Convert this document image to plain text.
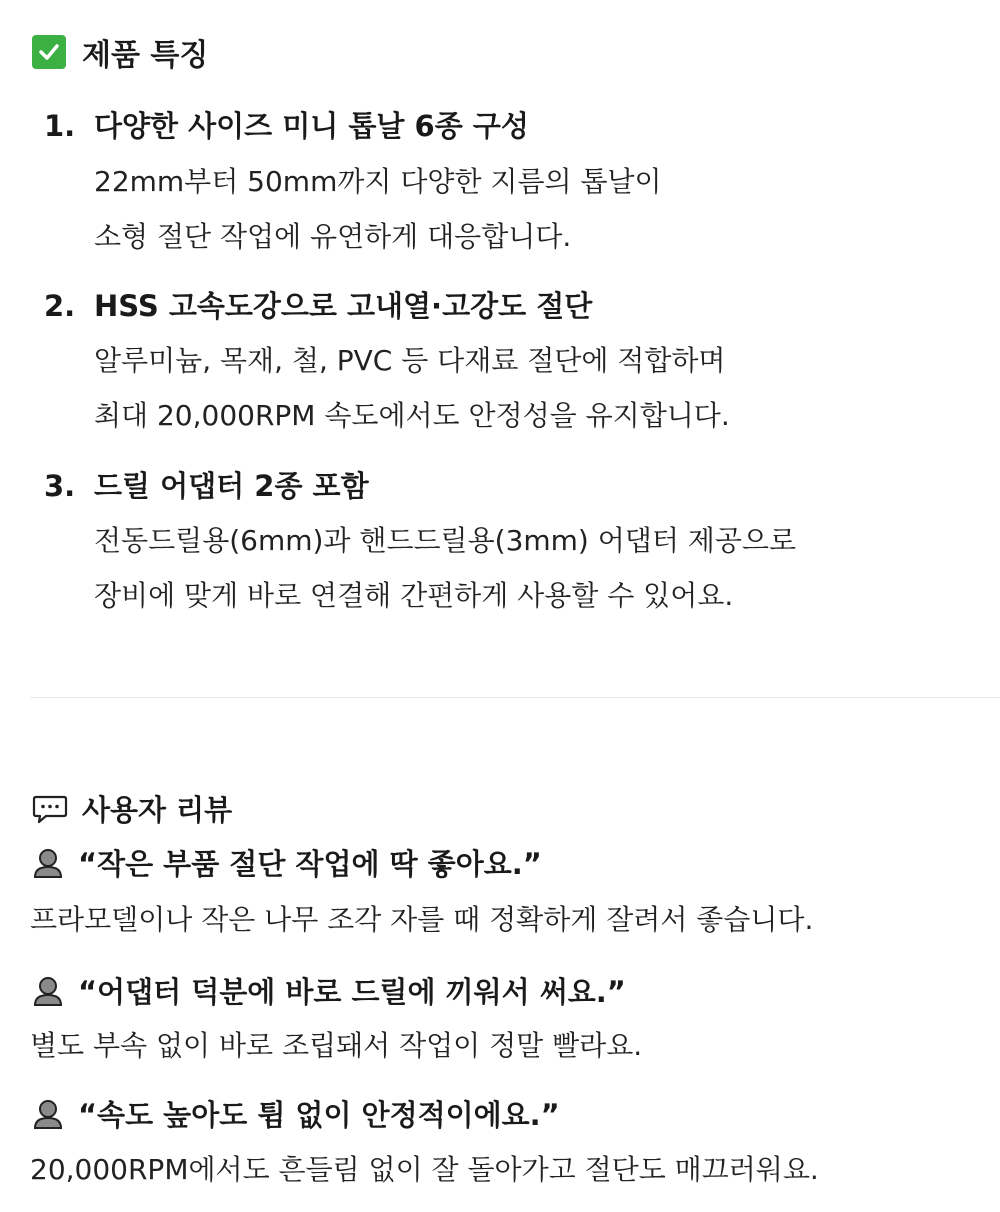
제품 특징
1. 다양한 사이즈 미니 톱날 6종 구성
22mm부터 50mm까지 다양한 지름의 톱날이
소형 절단 작업에 유연하게 대응합니다.
2. HSS 고속도강으로 고내열·고강도 절단
알루미늄, 목재, 철, PVC 등 다재료 절단에 적합하며
최대 20,000RPM 속도에서도 안정성을 유지합니다.
3. 드릴 어댑터 2종 포함
전동드릴용(6mm)과 핸드드릴용(3mm) 어댑터 제공으로
장비에 맞게 바로 연결해 간편하게 사용할 수 있어요.
사용자 리뷰
“작은 부품 절단 작업에 딱 좋아요.”
프라모델이나 작은 나무 조각 자를 때 정확하게 잘려서 좋습니다.
“어댑터 덕분에 바로 드릴에 끼워서 써요.”
별도 부속 없이 바로 조립돼서 작업이 정말 빨라요.
“속도 높아도 튐 없이 안정적이에요.”
20,000RPM에서도 흔들림 없이 잘 돌아가고 절단도 매끄러워요.
